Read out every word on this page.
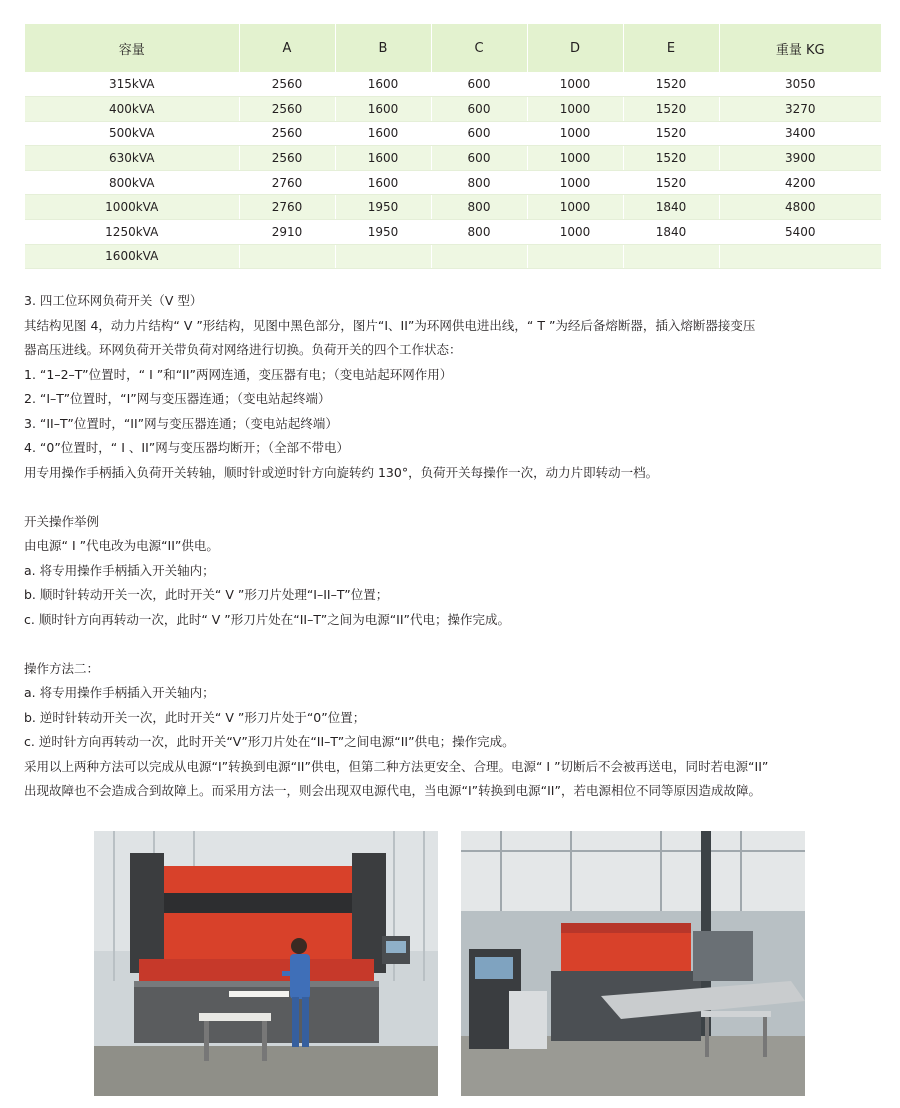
容量	A	B	C	D	E	重量 KG
315kVA	2560	1600	600	1000	1520	3050
400kVA	2560	1600	600	1000	1520	3270
500kVA	2560	1600	600	1000	1520	3400
630kVA	2560	1600	600	1000	1520	3900
800kVA	2760	1600	800	1000	1520	4200
1000kVA	2760	1950	800	1000	1840	4800
1250kVA	2910	1950	800	1000	1840	5400
1600kVA						

3. 四工位环网负荷开关（V 型）

其结构见图 4，动力片结构“ V ”形结构，见图中黑色部分，图片“I、II”为环网供电进出线，“ T ”为经后备熔断器，插入熔断器接变压

器高压进线。环网负荷开关带负荷对网络进行切换。负荷开关的四个工作状态：

1. “1–2–T”位置时，“ I ”和“II”两网连通，变压器有电；（变电站起环网作用）

2. “I–T”位置时，“I”网与变压器连通；（变电站起终端）

3. “II–T”位置时，“II”网与变压器连通；（变电站起终端）

4. “0”位置时，“ I 、II”网与变压器均断开；（全部不带电）

用专用操作手柄插入负荷开关转轴，顺时针或逆时针方向旋转约 130°，负荷开关每操作一次，动力片即转动一档。

开关操作举例

由电源“ I ”代电改为电源“II”供电。

a. 将专用操作手柄插入开关轴内；

b. 顺时针转动开关一次，此时开关“ V ”形刀片处理“I–II–T”位置；

c. 顺时针方向再转动一次，此时“ V ”形刀片处在“II–T”之间为电源“II”代电；操作完成。

操作方法二：

a. 将专用操作手柄插入开关轴内；

b. 逆时针转动开关一次，此时开关“ V ”形刀片处于“0”位置；

c. 逆时针方向再转动一次，此时开关“V”形刀片处在“II–T”之间电源“II”供电；操作完成。

采用以上两种方法可以完成从电源“I”转换到电源“II”供电，但第二种方法更安全、合理。电源“ I ”切断后不会被再送电，同时若电源“II”

出现故障也不会造成合到故障上。而采用方法一，则会出现双电源代电，当电源“I”转换到电源“II”，若电源相位不同等原因造成故障。
